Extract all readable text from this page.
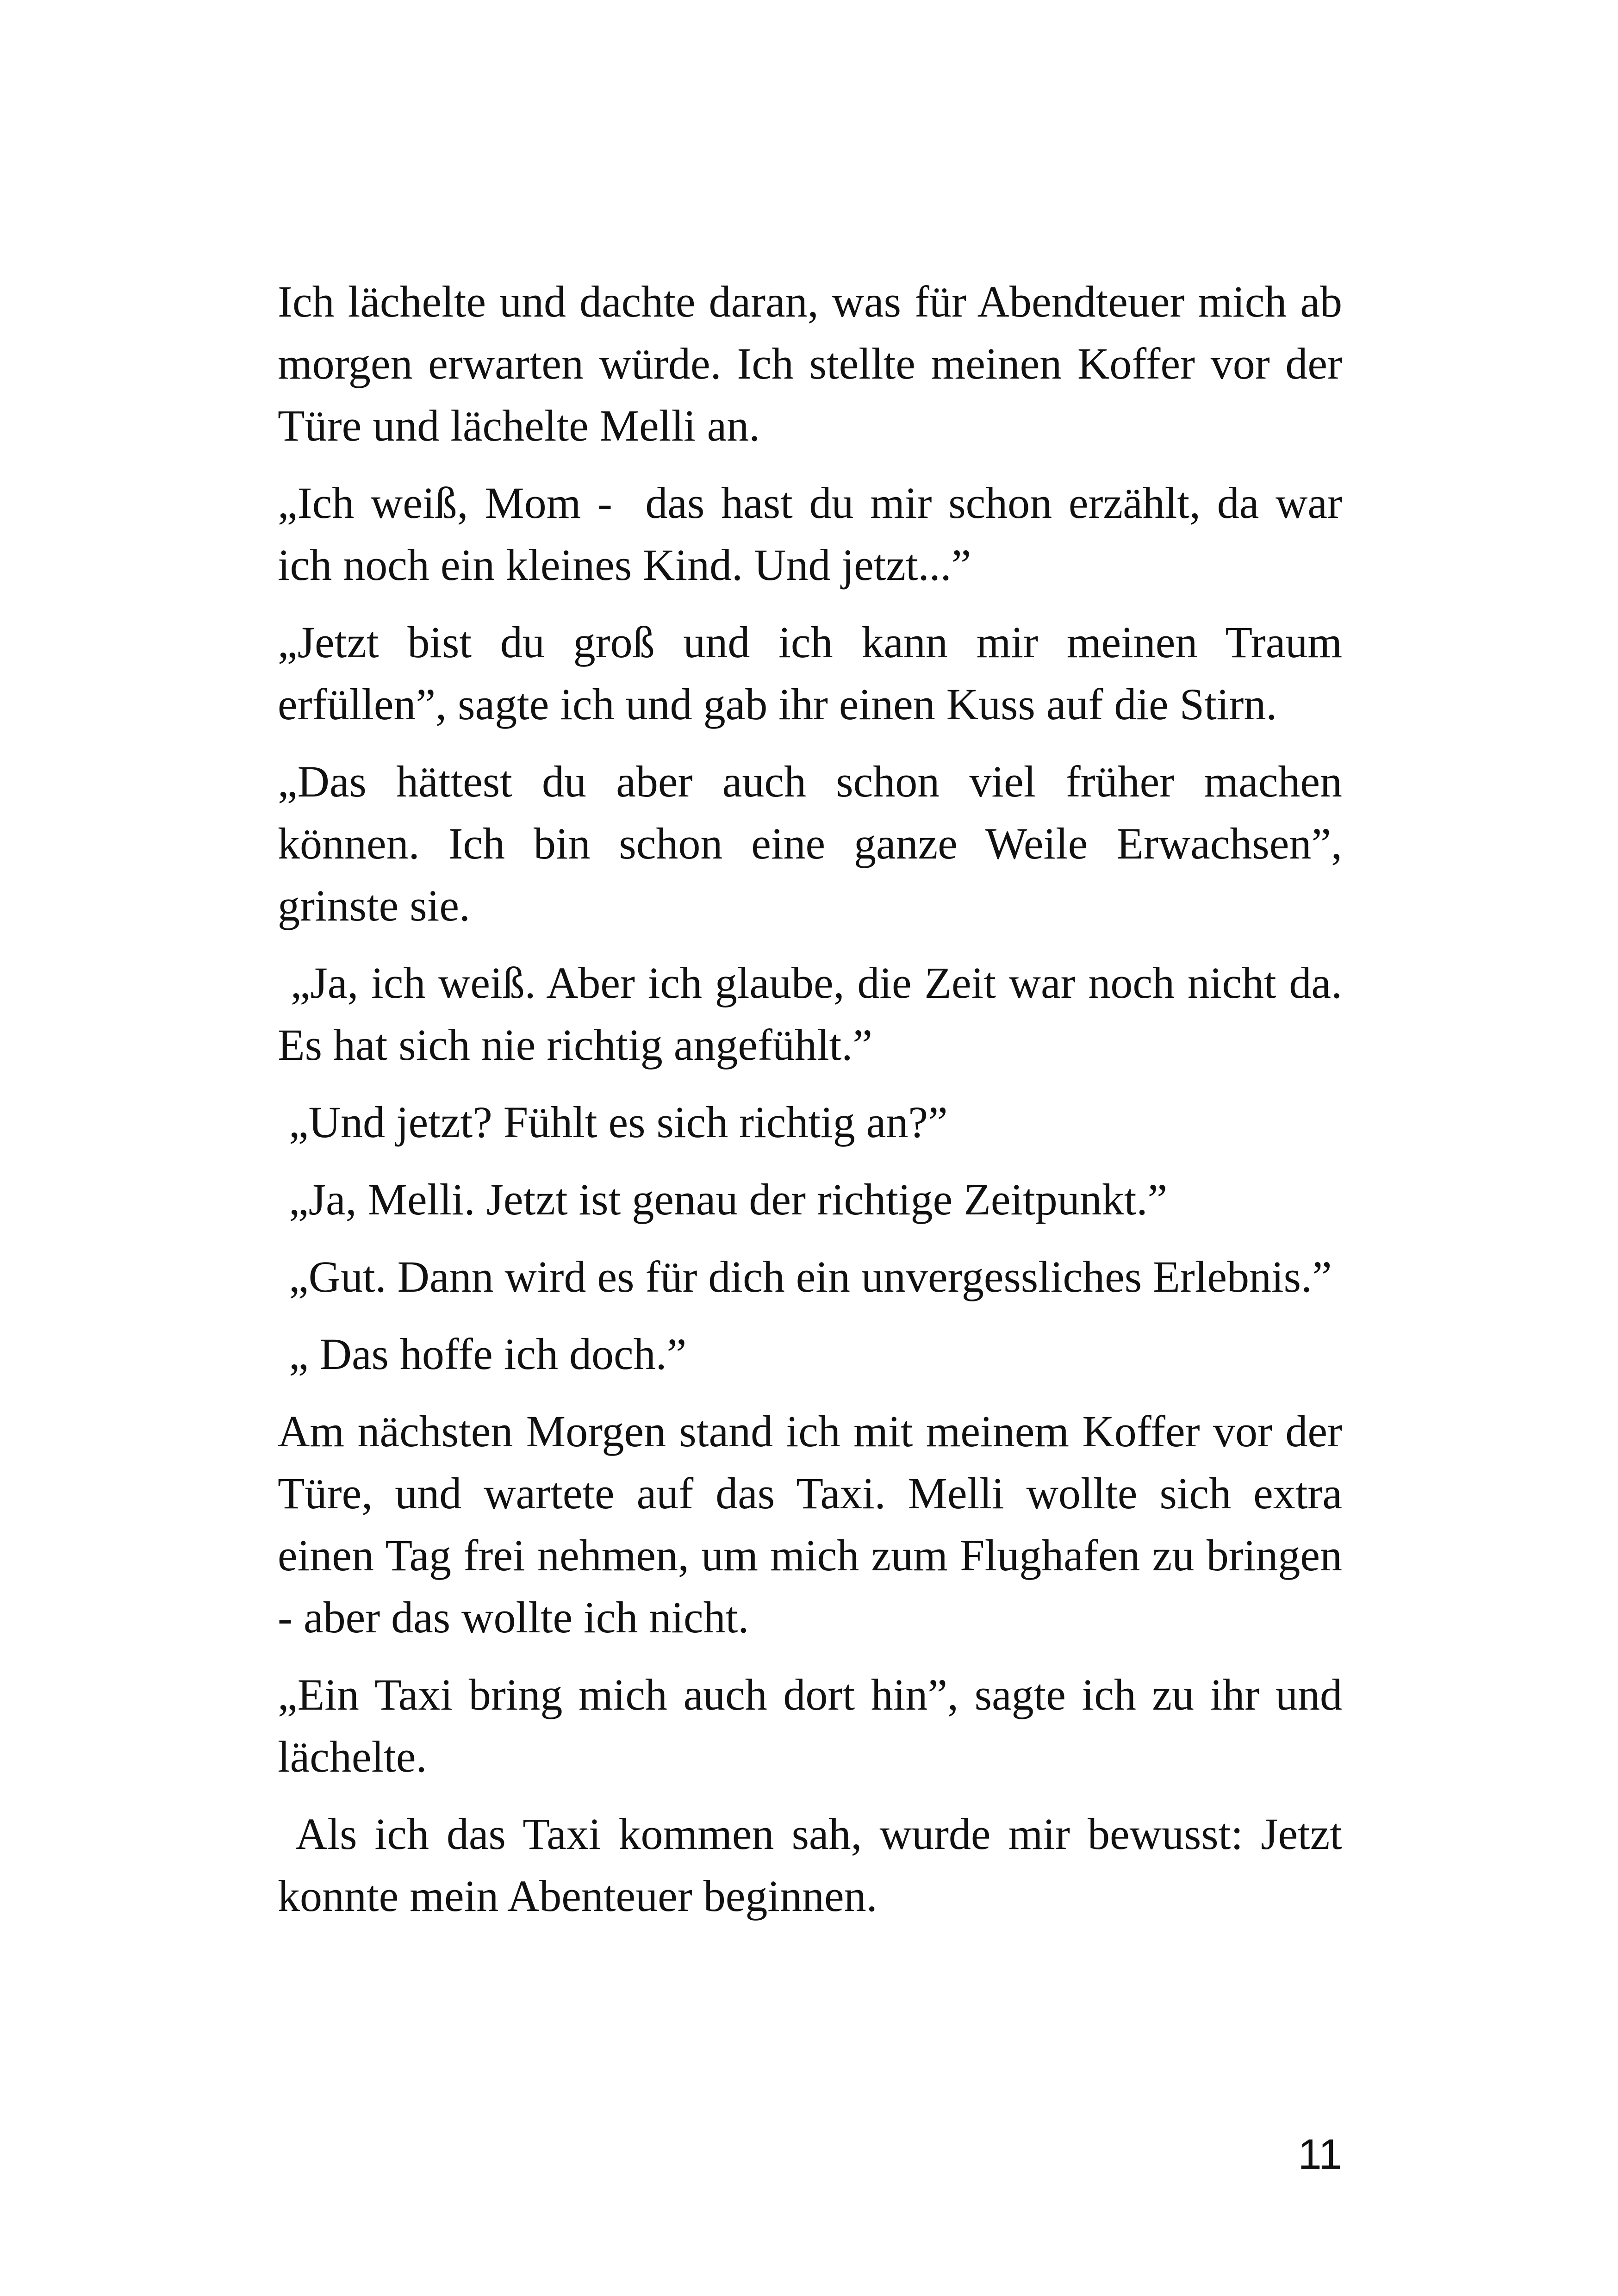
Ich lächelte und dachte daran, was für Abendteuer mich ab morgen erwarten würde. Ich stellte meinen Koffer vor der Türe und lächelte Melli an.

„Ich weiß, Mom -  das hast du mir schon erzählt, da war ich noch ein kleines Kind. Und jetzt...”

„Jetzt bist du groß und ich kann mir meinen Traum erfüllen”, sagte ich und gab ihr einen Kuss auf die Stirn.

„Das hättest du aber auch schon viel früher machen können. Ich bin schon eine ganze Weile Erwachsen”, grinste sie.

„Ja, ich weiß. Aber ich glaube, die Zeit war noch nicht da. Es hat sich nie richtig angefühlt.”

„Und jetzt? Fühlt es sich richtig an?”

„Ja, Melli. Jetzt ist genau der richtige Zeitpunkt.”

„Gut. Dann wird es für dich ein unvergessliches Erlebnis.”

„ Das hoffe ich doch.”

Am nächsten Morgen stand ich mit meinem Koffer vor der Türe, und wartete auf das Taxi. Melli wollte sich extra einen Tag frei nehmen, um mich zum Flughafen zu bringen - aber das wollte ich nicht.

„Ein Taxi bring mich auch dort hin”, sagte ich zu ihr und lächelte.

Als ich das Taxi kommen sah, wurde mir bewusst: Jetzt konnte mein Abenteuer beginnen.

11
